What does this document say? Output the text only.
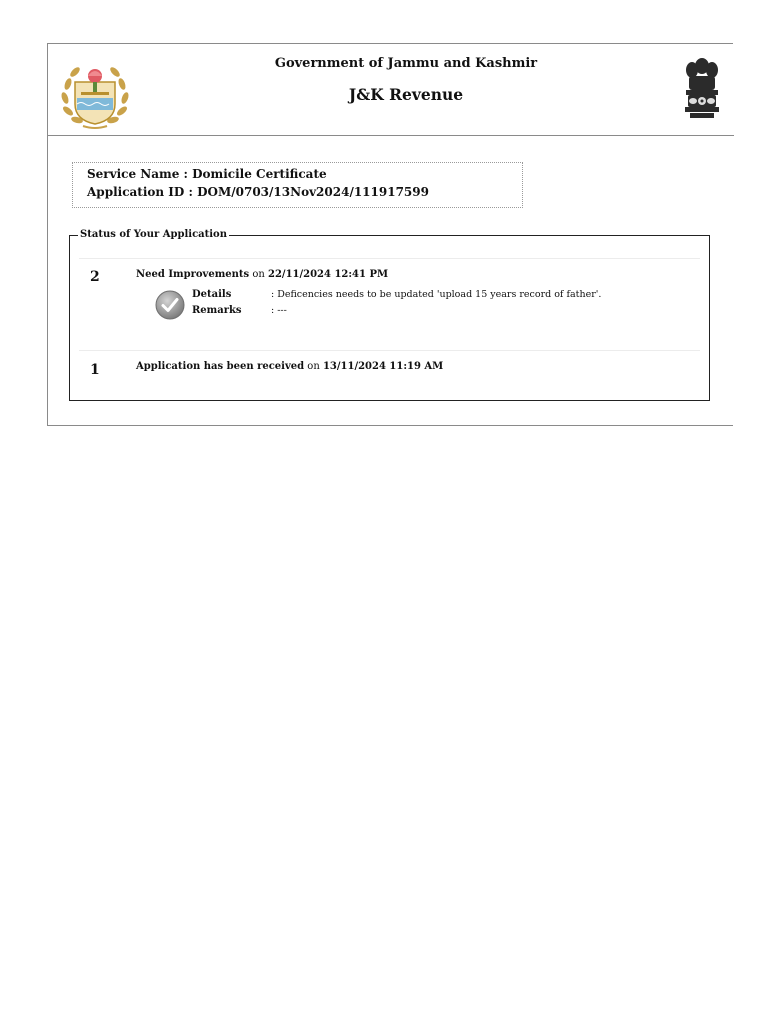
Government of Jammu and Kashmir
J&K Revenue
Service Name : Domicile Certificate
Application ID : DOM/0703/13Nov2024/111917599
Status of Your Application
2	Need Improvements on 22/11/2024 12:41 PM
Details	: Deficencies needs to be updated 'upload 15 years record of father'.
Remarks	: ---
1	Application has been received on 13/11/2024 11:19 AM
